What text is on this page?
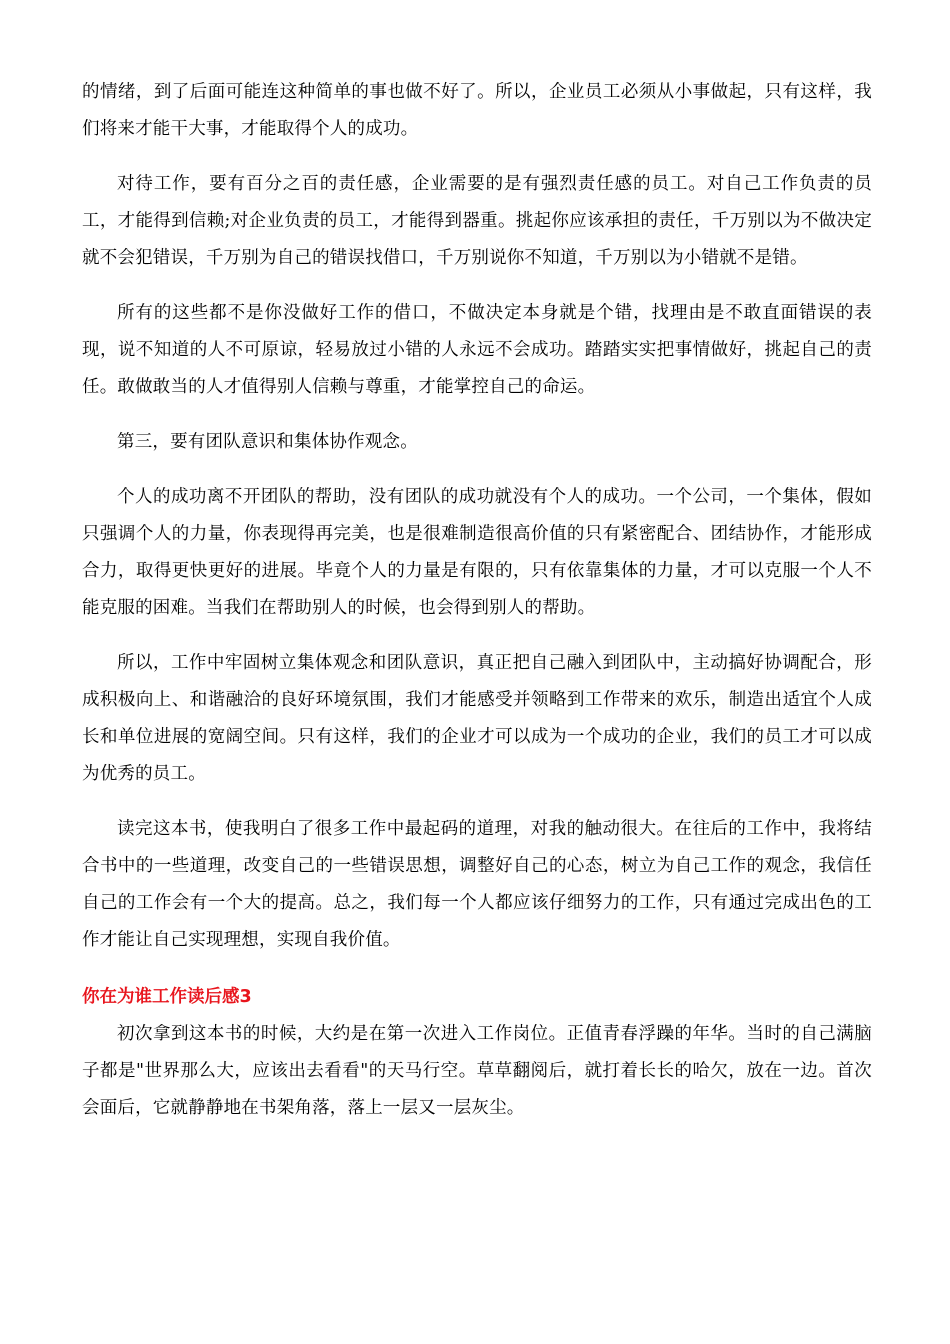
的情绪，到了后面可能连这种简单的事也做不好了。所以，企业员工必须从小事做起，只有这样，我们将来才能干大事，才能取得个人的成功。

对待工作，要有百分之百的责任感，企业需要的是有强烈责任感的员工。对自己工作负责的员工，才能得到信赖;对企业负责的员工，才能得到器重。挑起你应该承担的责任，千万别以为不做决定就不会犯错误，千万别为自己的错误找借口，千万别说你不知道，千万别以为小错就不是错。

所有的这些都不是你没做好工作的借口，不做决定本身就是个错，找理由是不敢直面错误的表现，说不知道的人不可原谅，轻易放过小错的人永远不会成功。踏踏实实把事情做好，挑起自己的责任。敢做敢当的人才值得别人信赖与尊重，才能掌控自己的命运。

第三，要有团队意识和集体协作观念。

个人的成功离不开团队的帮助，没有团队的成功就没有个人的成功。一个公司，一个集体，假如只强调个人的力量，你表现得再完美，也是很难制造很高价值的只有紧密配合、团结协作，才能形成合力，取得更快更好的进展。毕竟个人的力量是有限的，只有依靠集体的力量，才可以克服一个人不能克服的困难。当我们在帮助别人的时候，也会得到别人的帮助。

所以，工作中牢固树立集体观念和团队意识，真正把自己融入到团队中，主动搞好协调配合，形成积极向上、和谐融洽的良好环境氛围，我们才能感受并领略到工作带来的欢乐，制造出适宜个人成长和单位进展的宽阔空间。只有这样，我们的企业才可以成为一个成功的企业，我们的员工才可以成为优秀的员工。

读完这本书，使我明白了很多工作中最起码的道理，对我的触动很大。在往后的工作中，我将结合书中的一些道理，改变自己的一些错误思想，调整好自己的心态，树立为自己工作的观念，我信任自己的工作会有一个大的提高。总之，我们每一个人都应该仔细努力的工作，只有通过完成出色的工作才能让自己实现理想，实现自我价值。

你在为谁工作读后感3

初次拿到这本书的时候，大约是在第一次进入工作岗位。正值青春浮躁的年华。当时的自己满脑子都是"世界那么大，应该出去看看"的天马行空。草草翻阅后，就打着长长的哈欠，放在一边。首次会面后，它就静静地在书架角落，落上一层又一层灰尘。
